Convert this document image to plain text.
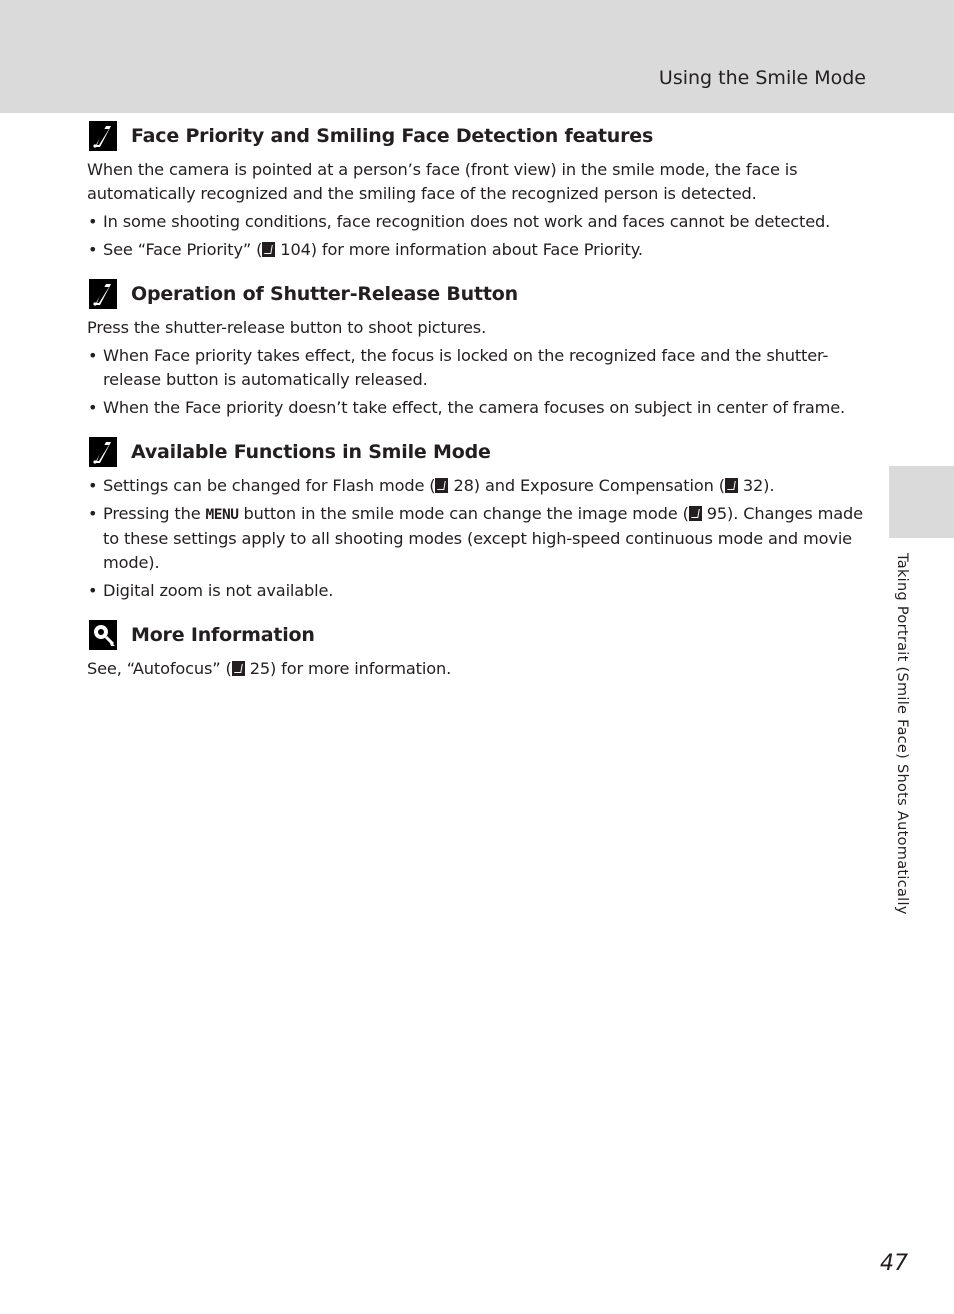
Using the Smile Mode
Taking Portrait (Smile Face) Shots Automatically
Face Priority and Smiling Face Detection features

When the camera is pointed at a person’s face (front view) in the smile mode, the face is automatically recognized and the smiling face of the recognized person is detected.

• In some shooting conditions, face recognition does not work and faces cannot be detected.
• See “Face Priority” ( 104) for more information about Face Priority.
Operation of Shutter-Release Button

Press the shutter-release button to shoot pictures.

• When Face priority takes effect, the focus is locked on the recognized face and the shutter-release button is automatically released.
• When the Face priority doesn’t take effect, the camera focuses on subject in center of frame.
Available Functions in Smile Mode
• Settings can be changed for Flash mode ( 28) and Exposure Compensation ( 32).
• Pressing the MENU button in the smile mode can change the image mode ( 95). Changes made to these settings apply to all shooting modes (except high-speed continuous mode and movie mode).
• Digital zoom is not available.
More Information

See, “Autofocus” ( 25) for more information.

47
